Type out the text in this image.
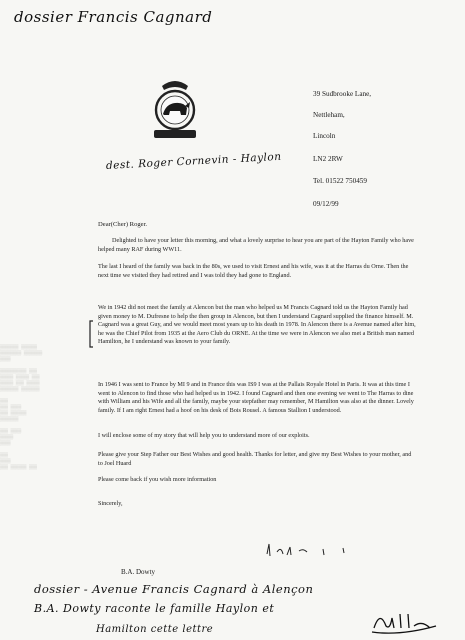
dossier Francis Cagnard
dest. Roger Cornevin - Haylon
39 Sudbrooke Lane,
Nettleham,
Lincoln
LN2 2RW
Tel. 01522 750459
09/12/99
Dear(Cher) Roger.

Delighted to have your letter this morning, and what a lovely surprise to hear you are part of the Hayton Family who have helped many RAF during WW11.

The last I heard of the family was back in the 80s, we used to visit Ernest and his wife, was it at the Harras du Orne. Then the next time we visited they had retired and I was told they had gone to England.

We in 1942 did not meet the family at Alencon but the man who helped us M Francis Cagnard told us the Hayton Family had given money to M. Dufresne to help the then group in Alencon, but then I understand Cagnard supplied the finance himself. M. Cagnard was a great Guy, and we would meet most years up to his death in 1978. In Alencon there is a Avenue named after him, he was the Chief Pilot from 1935 at the Aero Club du ORNE. At the time we were in Alencon we also met a British man named Hamilton, he I understand was known to your family.

In 1946 I was sent to France by MI 9 and in France this was IS9 I was at the Pallais Royale Hotel in Paris. It was at this time I went to Alencon to find those who had helped us in 1942. I found Cagnard and then one evening we went to The Harras to dine with William and his Wife and all the family, maybe your stepfather may remember, M Hamilton was also at the dinner. Lovely family. If I am right Ernest had a hoof on his desk of Bois Rousel. A famous Stallion I understood.

I will enclose some of my story that will help you to understand more of our exploits.

Please give your Step Father our Best Wishes and good health. Thanks for letter, and give my Best Wishes to your mother, and to Joel Huard

Please come back if you wish more information

Sincerely,
B.A. Dowty
▒▒▒▒▒▒▒ ▒▒▒▒▒▒
▒▒▒▒▒▒▒▒ ▒▒▒▒▒▒▒
▒▒▒▒

▒▒▒▒▒▒▒▒▒▒ ▒▒▒
▒▒▒▒▒ ▒▒▒▒▒ ▒▒▒
▒▒▒▒▒ ▒▒▒ ▒▒▒▒▒
▒▒▒▒▒▒▒ ▒▒▒▒▒▒▒

▒▒▒
▒▒▒ ▒▒▒▒
▒▒▒ ▒▒▒▒▒▒
▒▒▒▒▒▒▒

▒▒▒ ▒▒▒▒
▒▒▒▒▒
▒▒▒▒

▒▒▒
▒▒▒▒
▒▒▒ ▒▒▒▒▒▒ ▒▒▒
dossier - Avenue Francis Cagnard à Alençon
B.A. Dowty raconte le famille Haylon et
Hamilton cette lettre
